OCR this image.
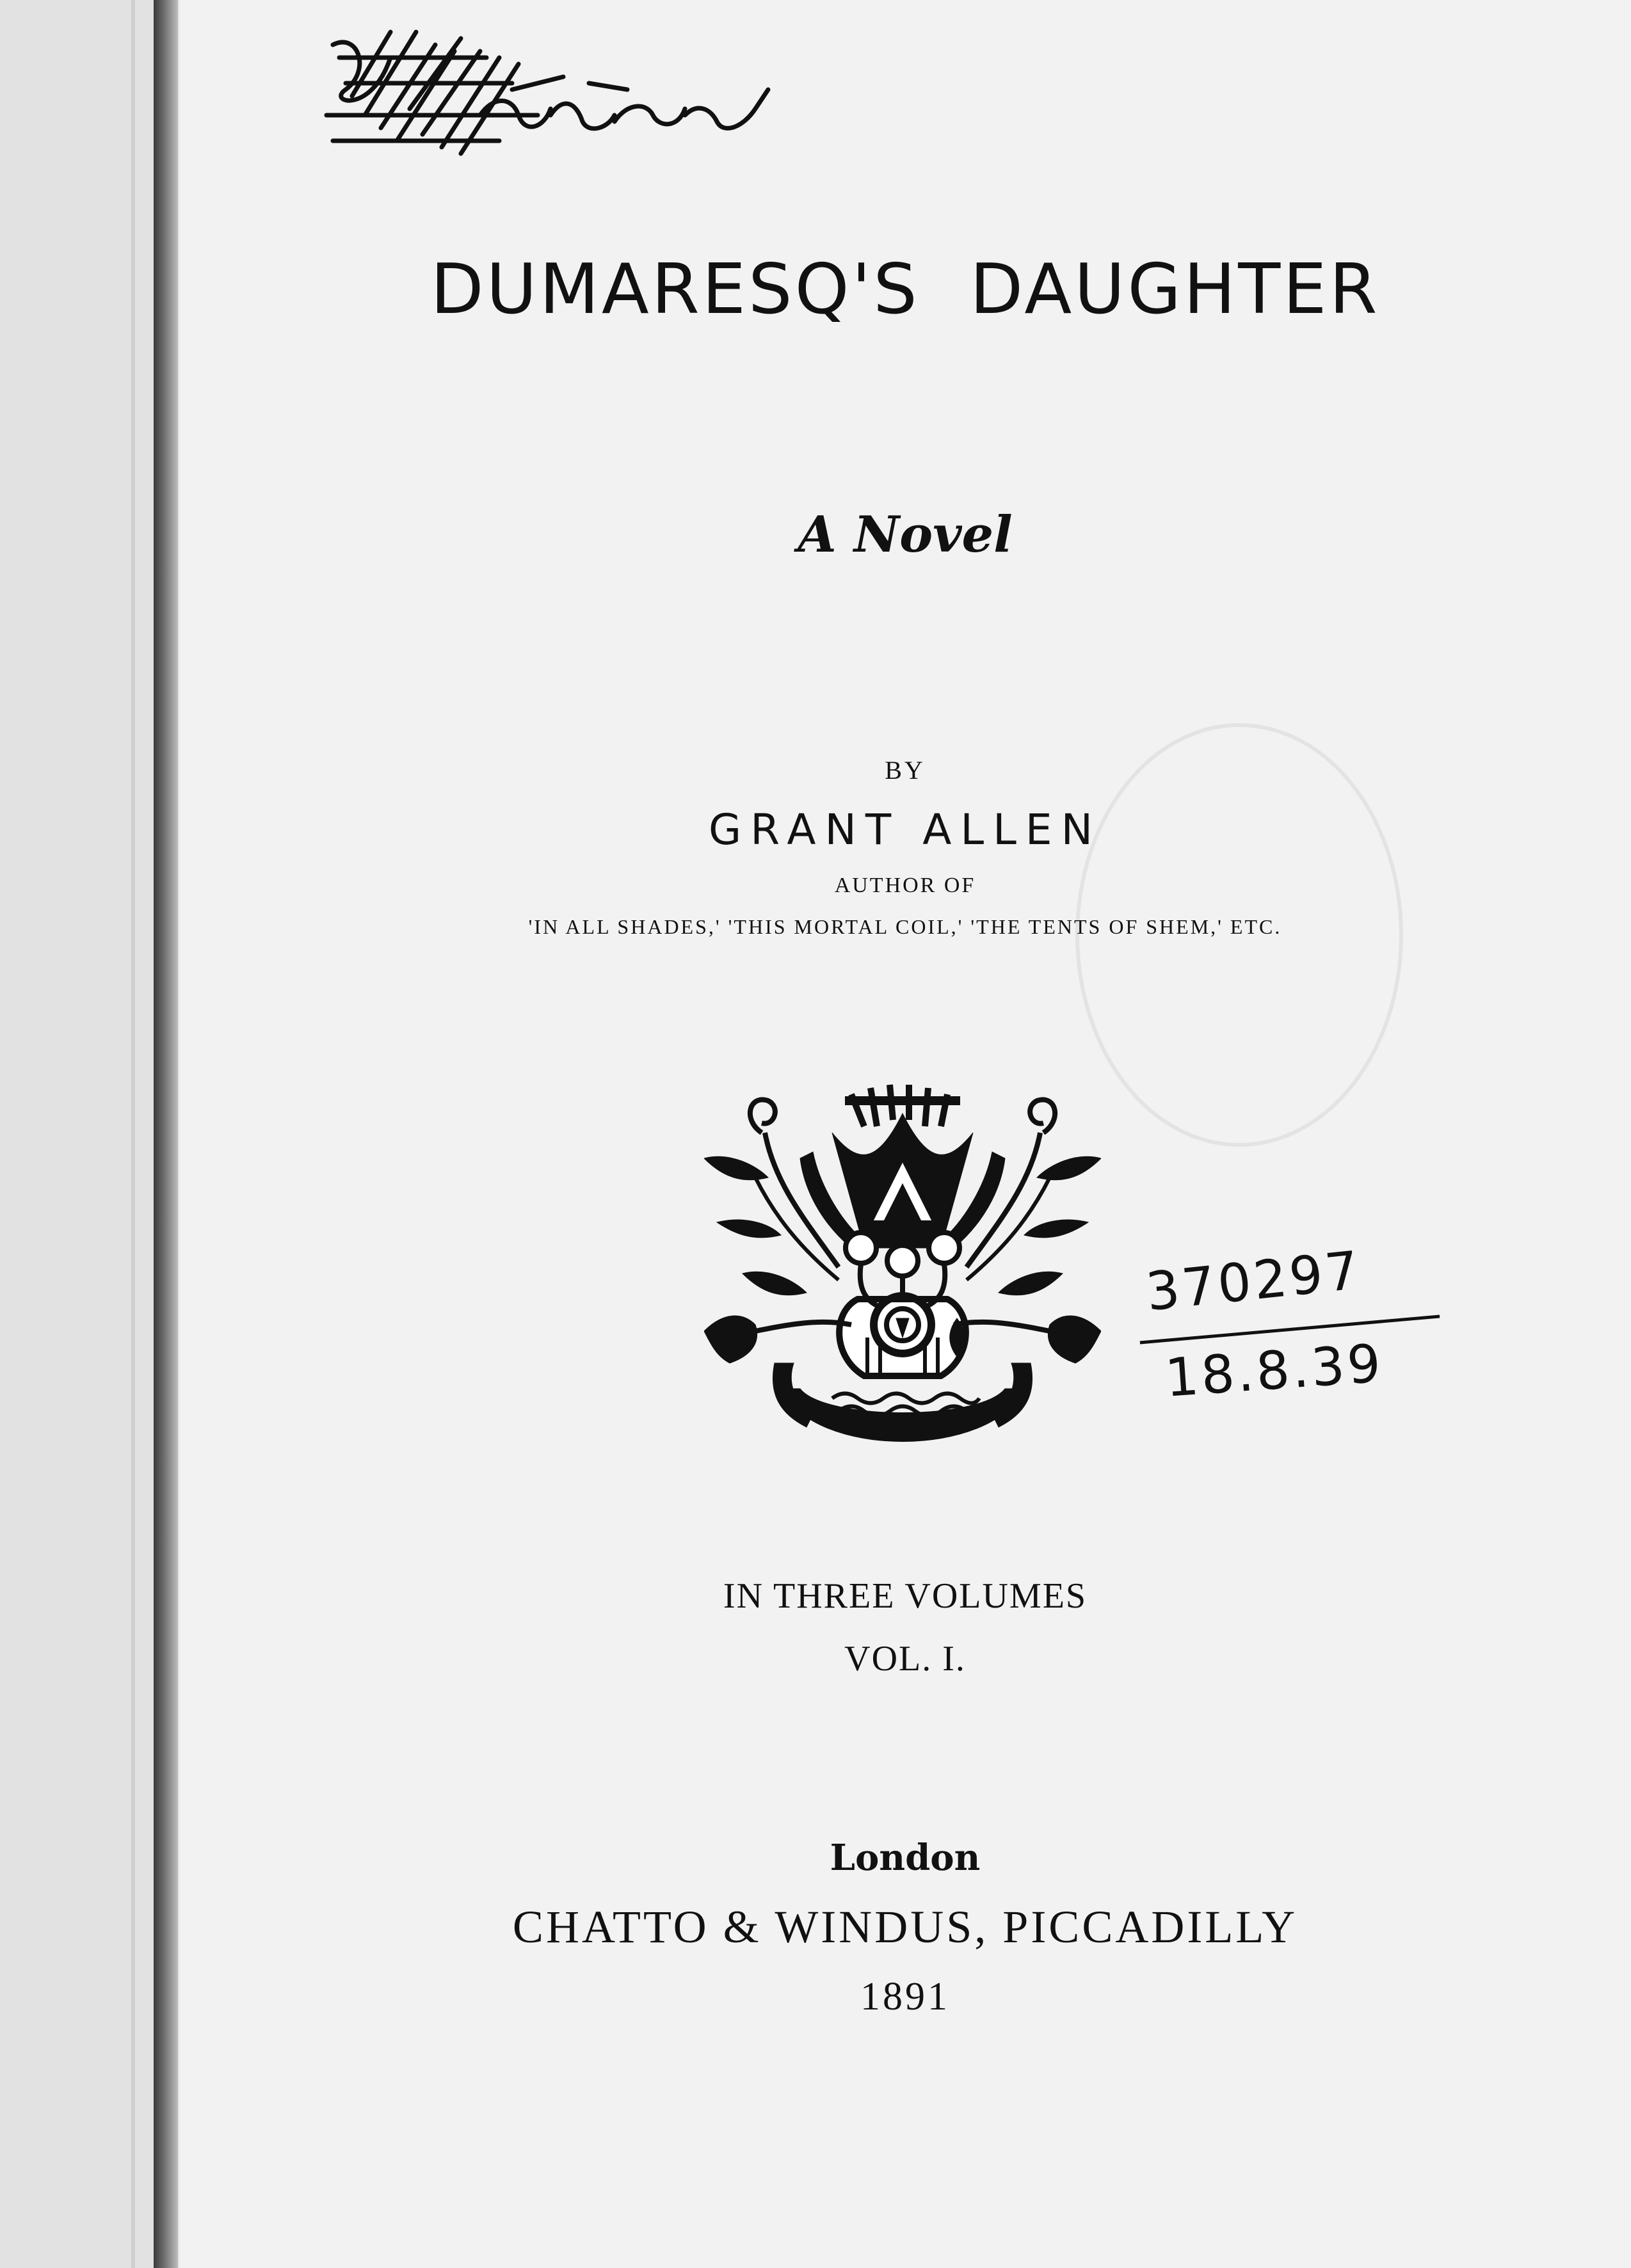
DUMARESQ'S DAUGHTER
A Novel
BY
GRANT ALLEN
AUTHOR OF
'IN ALL SHADES,' 'THIS MORTAL COIL,' 'THE TENTS OF SHEM,' ETC.
370297
18.8.39
IN THREE VOLUMES
VOL. I.
London
CHATTO & WINDUS, PICCADILLY
1891
